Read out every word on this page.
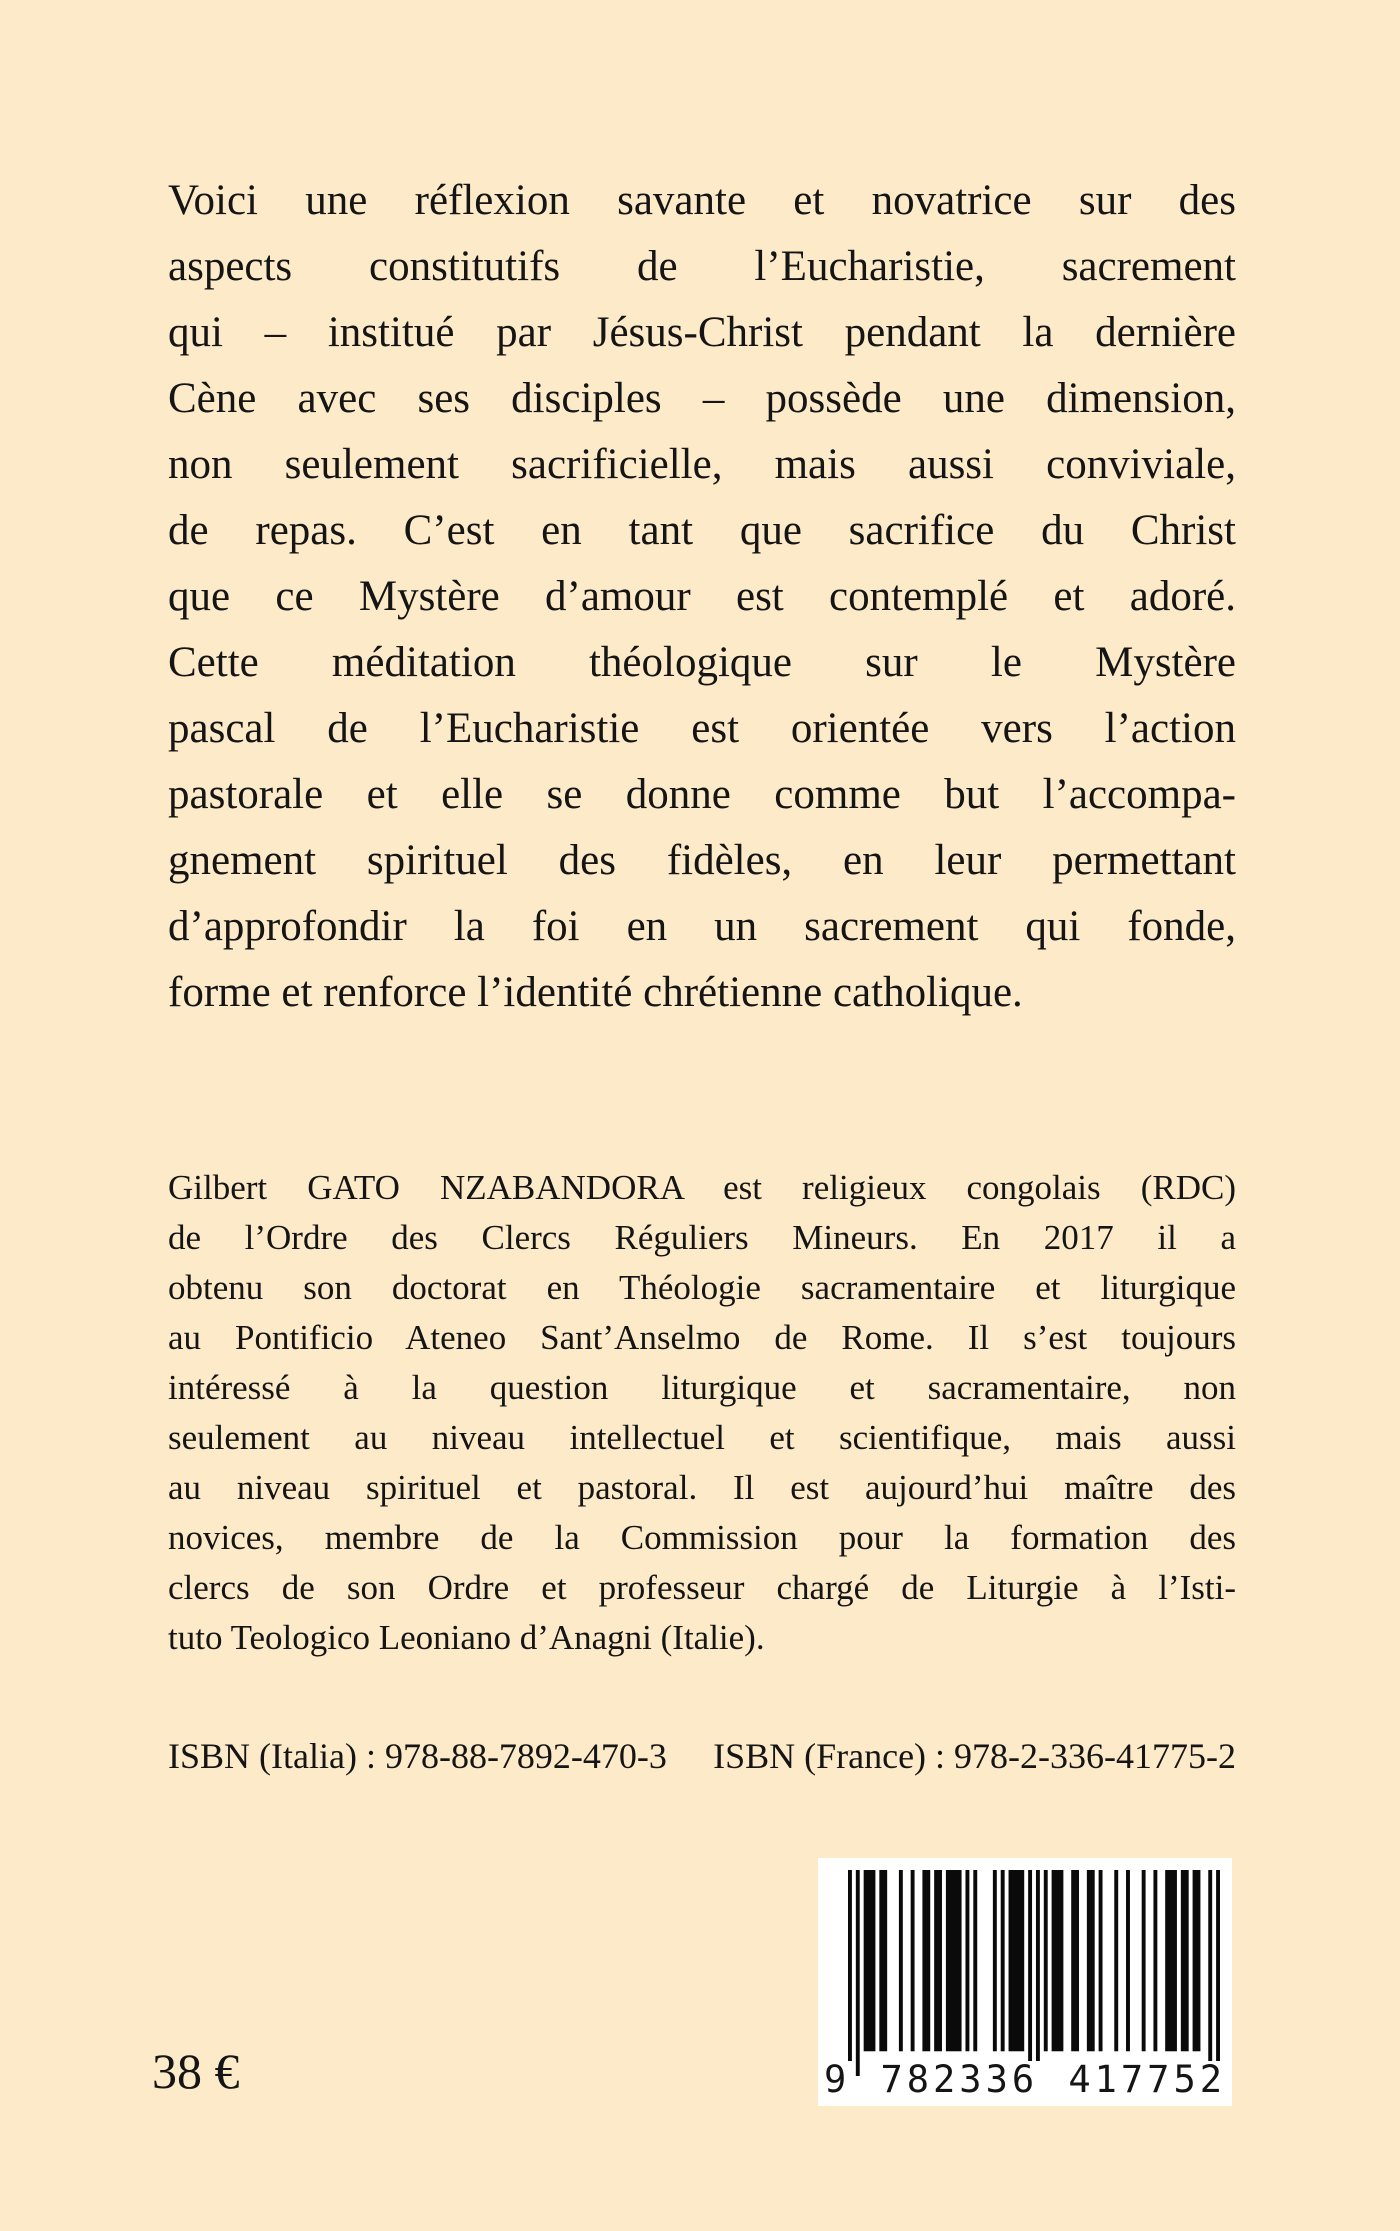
Voici une réflexion savante et novatrice sur des
aspects constitutifs de l’Eucharistie, sacrement
qui – institué par Jésus-Christ pendant la dernière
Cène avec ses disciples – possède une dimension,
non seulement sacrificielle, mais aussi conviviale,
de repas. C’est en tant que sacrifice du Christ
que ce Mystère d’amour est contemplé et adoré.
Cette méditation théologique sur le Mystère
pascal de l’Eucharistie est orientée vers l’action
pastorale et elle se donne comme but l’accompa-
gnement spirituel des fidèles, en leur permettant
d’approfondir la foi en un sacrement qui fonde,
forme et renforce l’identité chrétienne catholique.
Gilbert GATO NZABANDORA est religieux congolais (RDC)
de l’Ordre des Clercs Réguliers Mineurs. En 2017 il a
obtenu son doctorat en Théologie sacramentaire et liturgique
au Pontificio Ateneo Sant’Anselmo de Rome. Il s’est toujours
intéressé à la question liturgique et sacramentaire, non
seulement au niveau intellectuel et scientifique, mais aussi
au niveau spirituel et pastoral. Il est aujourd’hui maître des
novices, membre de la Commission pour la formation des
clercs de son Ordre et professeur chargé de Liturgie à l’Isti-
tuto Teologico Leoniano d’Anagni (Italie).
ISBN (Italia) : 978-88-7892-470-3 ISBN (France) : 978-2-336-41775-2
9 782336 417752
38 €
